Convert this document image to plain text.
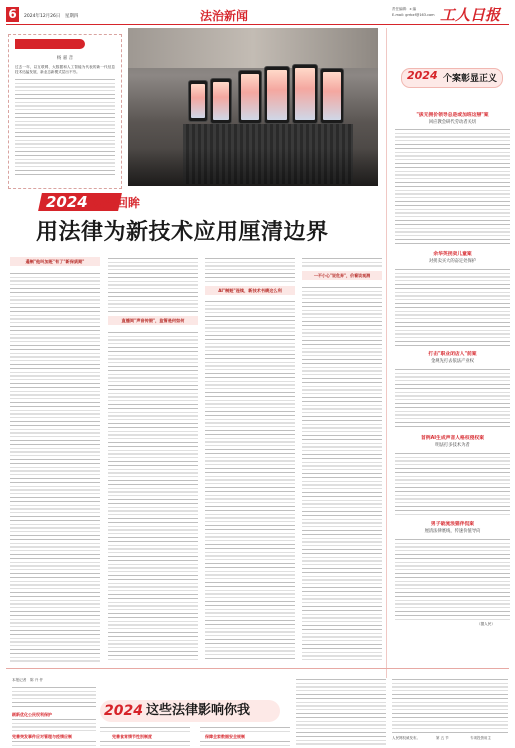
6	2024年12月26日　星期四	法治新闻	责任编辑：x 编
E-mail: grrbxf@163.com 工人日报
关 注 切 指
杨 嘉 音
过去一年，以互联网、大数据和人工智能为代表的新一代信息技术迅猛发展，新业态新模式层出不穷。
2024 法治回眸
用法律为新技术应用厘清边界
遏制"他叫加班"有了"新保质期"
直播间"声音传假"，监管是何如何
AI"制赃"连续，新技术书绩这么利
一不小心"说危弃"，价看谈观测
2024 个案彰显正义
"拔无拥价领导总是或加班这掰"案
回应教会研代劳动者关切
余华英拐卖儿童案
对拐卖买大的奋定处保护
打击"职业闭店人"前案
金规先打去依法产业权
首例AI生成声音人格权侵权案
明法打多技术为者
男子破流浪猫伴侃案
厘清法律底线，传速价值导向
（据人民）
本报记者　陈 升 仟
2024 这些法律影响你我
刷新优化公民权利保护
完善突发事件应对管理与疫情应制	完善食宵情节性别制度	保障全家数据安全规制	专项投资用主
人民网权威发布。	第 五 节
